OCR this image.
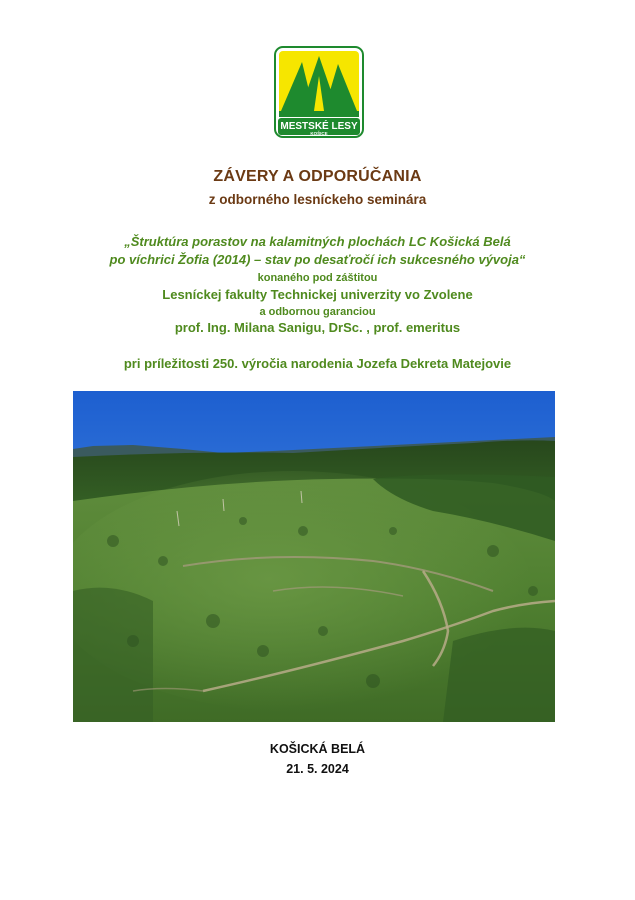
MESTSKÉ LESY
KOŠICE
ZÁVERY A ODPORÚČANIA
z odborného lesníckeho seminára
„Štruktúra porastov na kalamitných plochách LC Košická Belá
po víchrici Žofia (2014) – stav po desaťročí ich sukcesného vývoja“
konaného pod záštitou
Lesníckej fakulty Technickej univerzity vo Zvolene
a odbornou garanciou
prof. Ing. Milana Sanigu, DrSc. , prof. emeritus
pri príležitosti 250. výročia narodenia Jozefa Dekreta Matejovie
KOŠICKÁ BELÁ
21. 5. 2024
